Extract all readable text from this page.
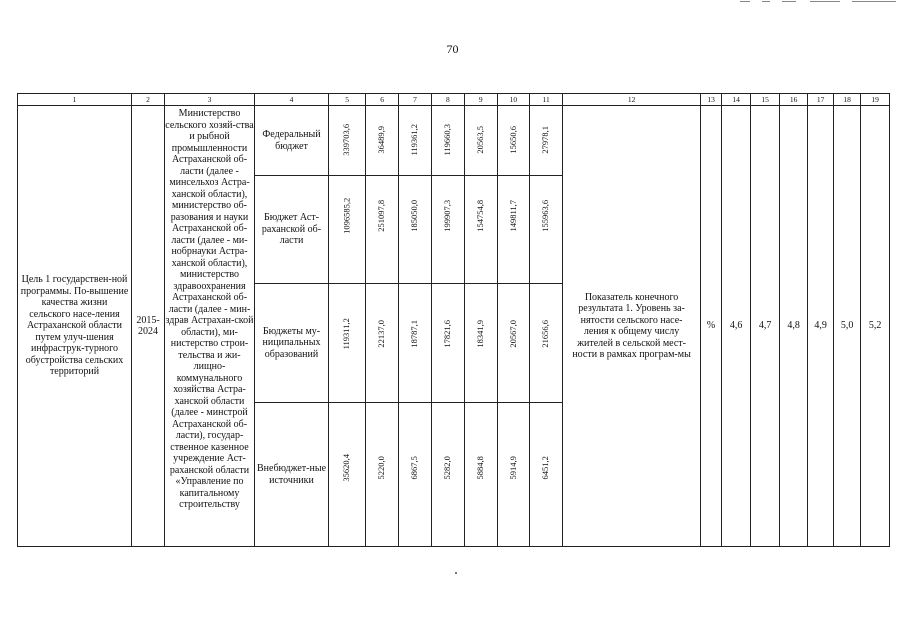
70
1	2	3	4	5	6	7	8	9	10	11	12	13	14	15	16	17	18	19
Цель 1 государствен-ной программы. По-вышение качества жизни сельского насе-ления Астраханской области путем улуч-шения инфраструк-турного обустройства сельских территорий	2015-2024	Министерство сельского хозяй-ства и рыбной промышленности Астраханской об-ласти (далее - минсельхоз Астра-ханской области), министерство об-разования и науки Астраханской об-ласти (далее - ми-нобрнауки Астра-ханской области), министерство здравоохранения Астраханской об-ласти (далее - мин-здрав Астрахан-ской области), ми-нистерство строи-тельства и жи-лищно-коммунального хозяйства Астра-ханской области (далее - минстрой Астраханской об-ласти), государ-ственное казенное учреждение Аст-раханской области «Управление по капитальному строительству	Федеральный бюджет	339703,6	36489,9	119361,2	119660,3	20563,5	15650,6	27978,1	Показатель конечного результата 1. Уровень за-нятости сельского насе-ления к общему числу жителей в сельской мест-ности в рамках програм-мы	%	4,6	4,7	4,8	4,9	5,0	5,2
			Бюджет Аст-раханской об-ласти	1096585,2	251097,8	185050,0	199907,3	154754,8	149811,7	155963,6								

			Бюджеты му-ниципальных образований	119311,2	22137,0	18787,1	17821,6	18341,9	20567,0	21656,6								

			Внебюджет-ные источники	35620,4	5220,0	6867,5	5282,0	5884,8	5914,9	6451,2								
